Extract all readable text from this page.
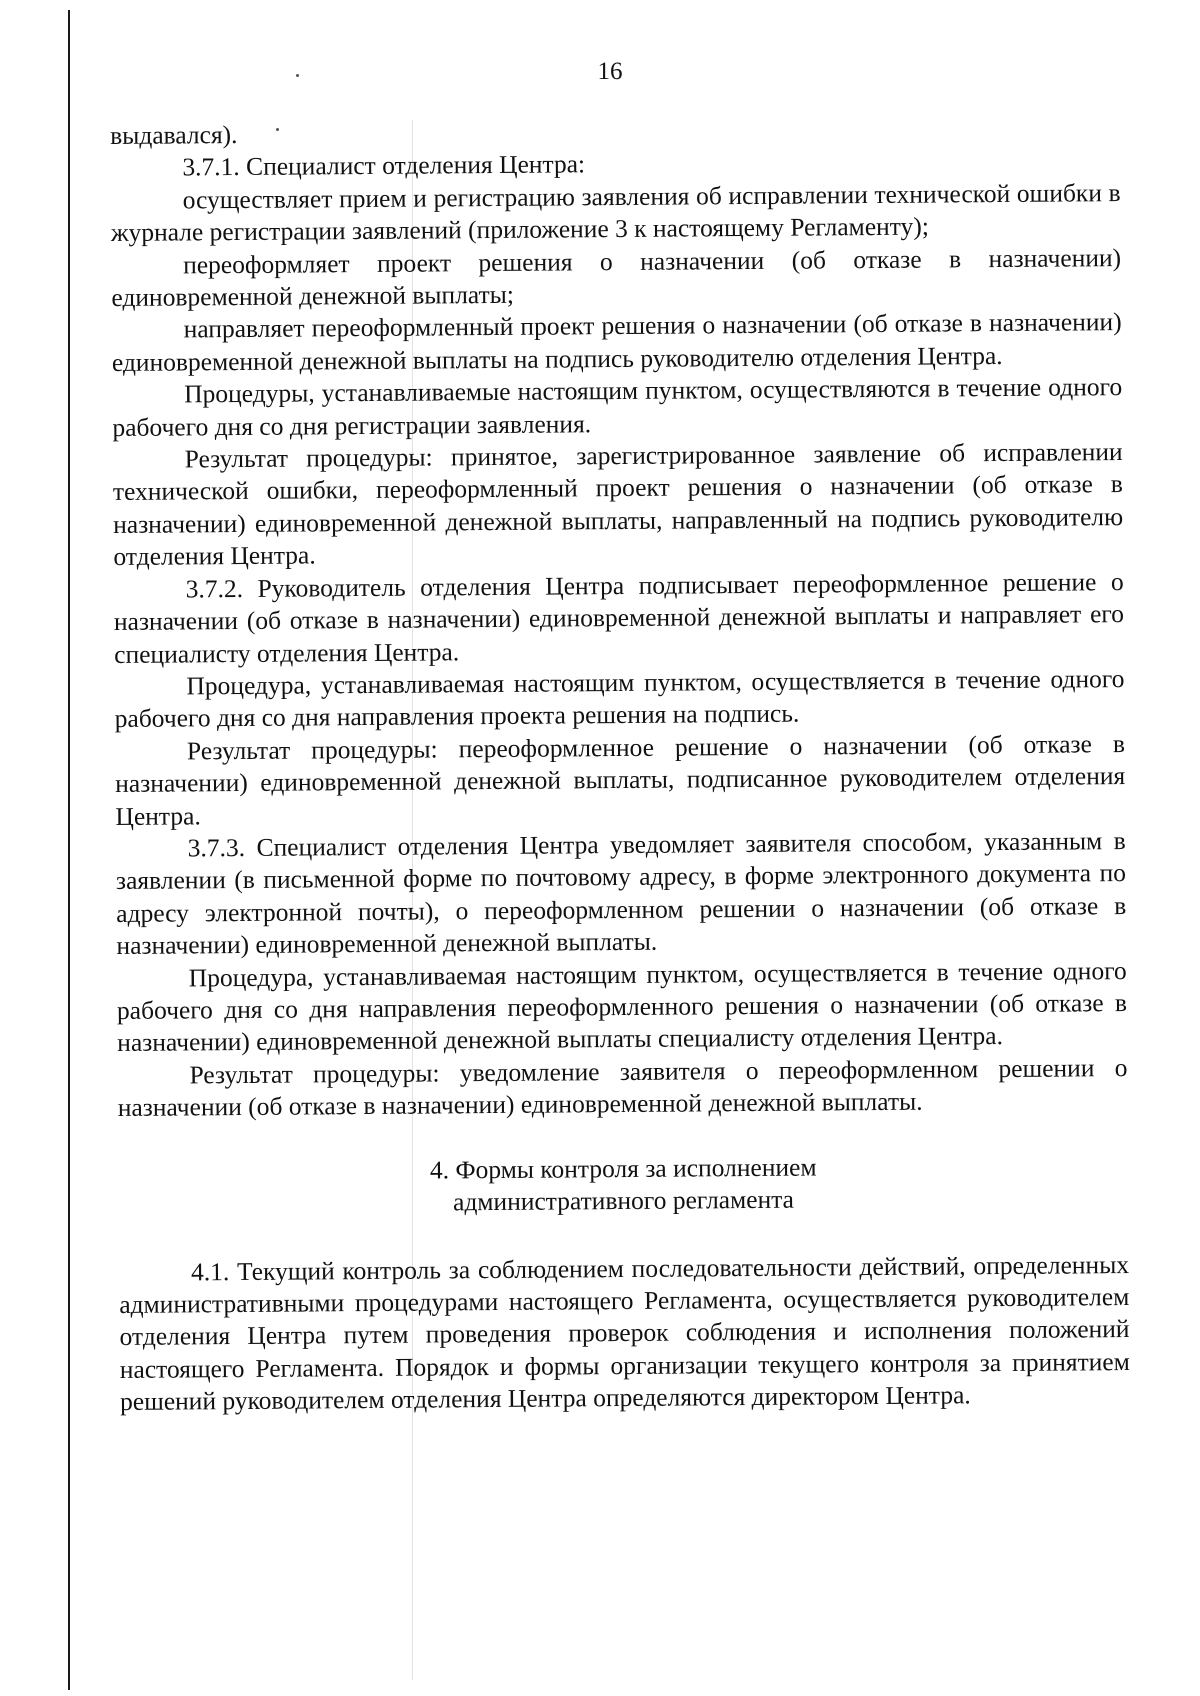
16

выдавался).

3.7.1. Специалист отделения Центра:

осуществляет прием и регистрацию заявления об исправлении технической ошибки в журнале регистрации заявлений (приложение 3 к настоящему Регламенту);

переоформляет проект решения о назначении (об отказе в назначении) единовременной денежной выплаты;

направляет переоформленный проект решения о назначении (об отказе в назначении) единовременной денежной выплаты на подпись руководителю отделения Центра.

Процедуры, устанавливаемые настоящим пунктом, осуществляются в течение одного рабочего дня со дня регистрации заявления.

Результат процедуры: принятое, зарегистрированное заявление об исправлении технической ошибки, переоформленный проект решения о назначении (об отказе в назначении) единовременной денежной выплаты, направленный на подпись руководителю отделения Центра.

3.7.2. Руководитель отделения Центра подписывает переоформленное решение о назначении (об отказе в назначении) единовременной денежной выплаты и направляет его специалисту отделения Центра.

Процедура, устанавливаемая настоящим пунктом, осуществляется в течение одного рабочего дня со дня направления проекта решения на подпись.

Результат процедуры: переоформленное решение о назначении (об отказе в назначении) единовременной денежной выплаты, подписанное руководителем отделения Центра.

3.7.3. Специалист отделения Центра уведомляет заявителя способом, указанным в заявлении (в письменной форме по почтовому адресу, в форме электронного документа по адресу электронной почты), о переоформленном решении о назначении (об отказе в назначении) единовременной денежной выплаты.

Процедура, устанавливаемая настоящим пунктом, осуществляется в течение одного рабочего дня со дня направления переоформленного решения о назначении (об отказе в назначении) единовременной денежной выплаты специалисту отделения Центра.

Результат процедуры: уведомление заявителя о переоформленном решении о назначении (об отказе в назначении) единовременной денежной выплаты.

4. Формы контроля за исполнением
административного регламента

4.1. Текущий контроль за соблюдением последовательности действий, определенных административными процедурами настоящего Регламента, осуществляется руководителем отделения Центра путем проведения проверок соблюдения и исполнения положений настоящего Регламента. Порядок и формы организации текущего контроля за принятием решений руководителем отделения Центра определяются директором Центра.
